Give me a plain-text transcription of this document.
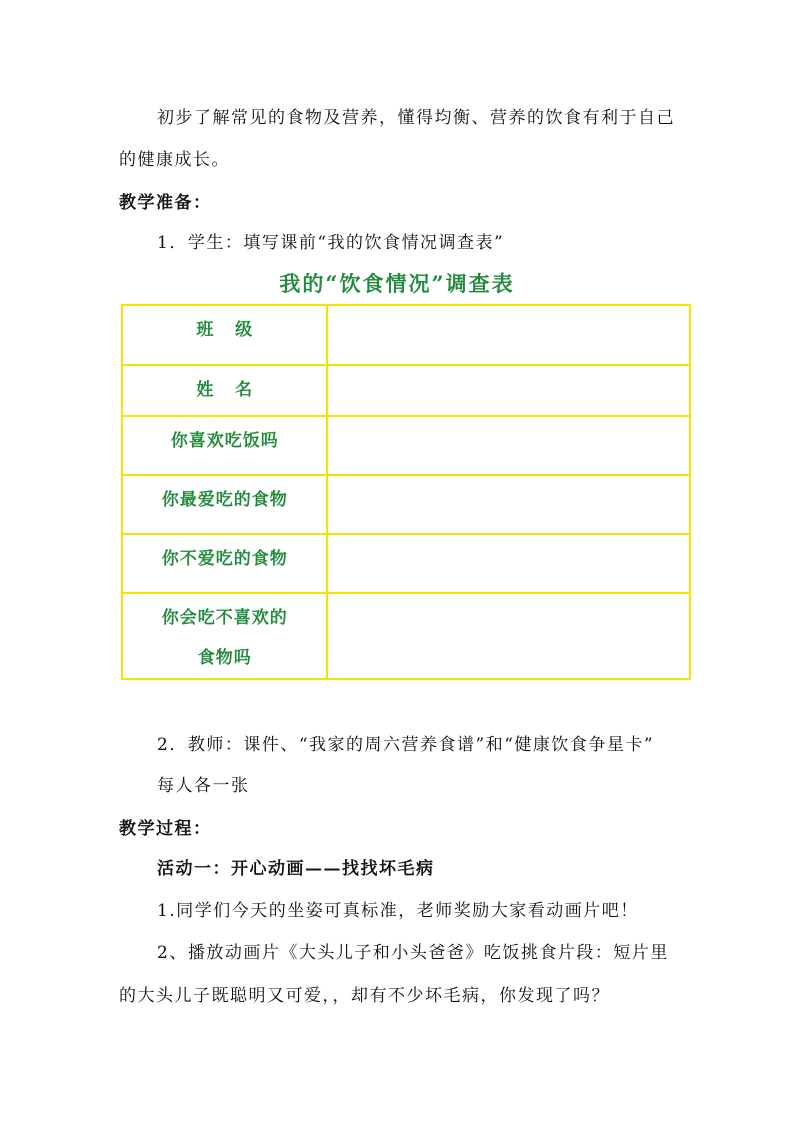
初步了解常见的食物及营养，懂得均衡、营养的饮食有利于自己
的健康成长。
教学准备：
1．学生：填写课前“我的饮食情况调查表”
我的“饮食情况”调查表
班   级	

姓   名	

你喜欢吃饭吗	

你最爱吃的食物	

你不爱吃的食物	

你会吃不喜欢的
食物吗	

2．教师：课件、“我家的周六营养食谱”和“健康饮食争星卡”
每人各一张
教学过程：
活动一：开心动画——找找坏毛病
1.同学们今天的坐姿可真标准，老师奖励大家看动画片吧！
2、播放动画片《大头儿子和小头爸爸》吃饭挑食片段：短片里
的大头儿子既聪明又可爱，，却有不少坏毛病，你发现了吗？
